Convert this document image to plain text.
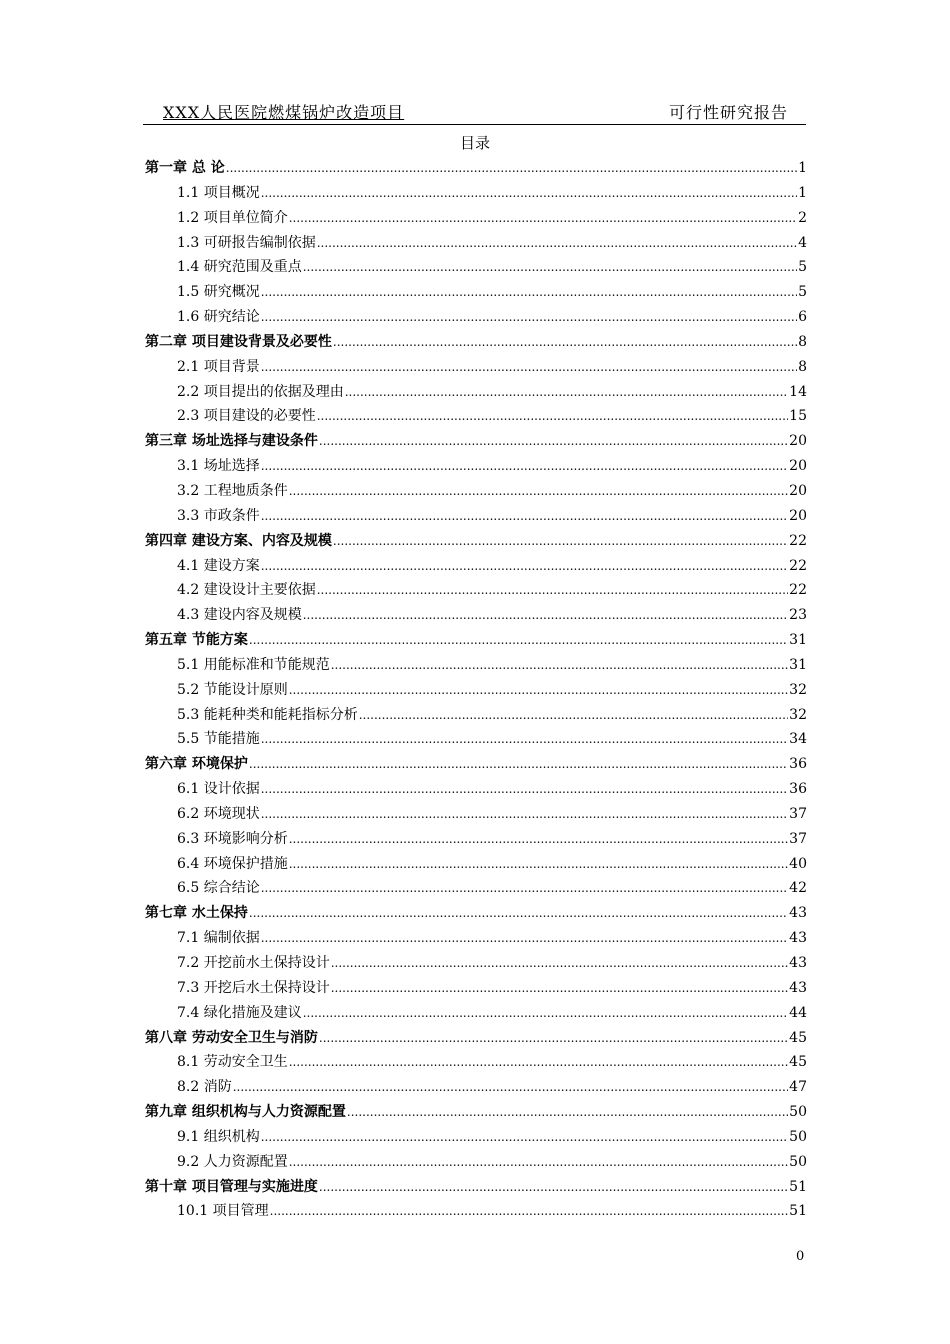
XXX人民医院燃煤锅炉改造项目	可行性研究报告
目录
第一章 总 论 .....	1
1.1 项目概况 .....	1
1.2 项目单位简介 .....	2
1.3 可研报告编制依据 .....	4
1.4 研究范围及重点 .....	5
1.5 研究概况 .....	5
1.6 研究结论 .....	6
第二章 项目建设背景及必要性 .....	8
2.1 项目背景 .....	8
2.2 项目提出的依据及理由 .....	14
2.3 项目建设的必要性 .....	15
第三章 场址选择与建设条件 .....	20
3.1 场址选择 .....	20
3.2 工程地质条件 .....	20
3.3 市政条件 .....	20
第四章 建设方案、内容及规模 .....	22
4.1 建设方案 .....	22
4.2 建设设计主要依据 .....	22
4.3 建设内容及规模 .....	23
第五章 节能方案 .....	31
5.1 用能标准和节能规范 .....	31
5.2 节能设计原则 .....	32
5.3 能耗种类和能耗指标分析 .....	32
5.5 节能措施 .....	34
第六章 环境保护 .....	36
6.1 设计依据 .....	36
6.2 环境现状 .....	37
6.3 环境影响分析 .....	37
6.4 环境保护措施 .....	40
6.5 综合结论 .....	42
第七章 水土保持 .....	43
7.1 编制依据 .....	43
7.2 开挖前水土保持设计 .....	43
7.3 开挖后水土保持设计 .....	43
7.4 绿化措施及建议 .....	44
第八章 劳动安全卫生与消防 .....	45
8.1 劳动安全卫生 .....	45
8.2 消防 .....	47
第九章 组织机构与人力资源配置 .....	50
9.1 组织机构 .....	50
9.2 人力资源配置 .....	50
第十章 项目管理与实施进度 .....	51
10.1 项目管理 .....	51
0
